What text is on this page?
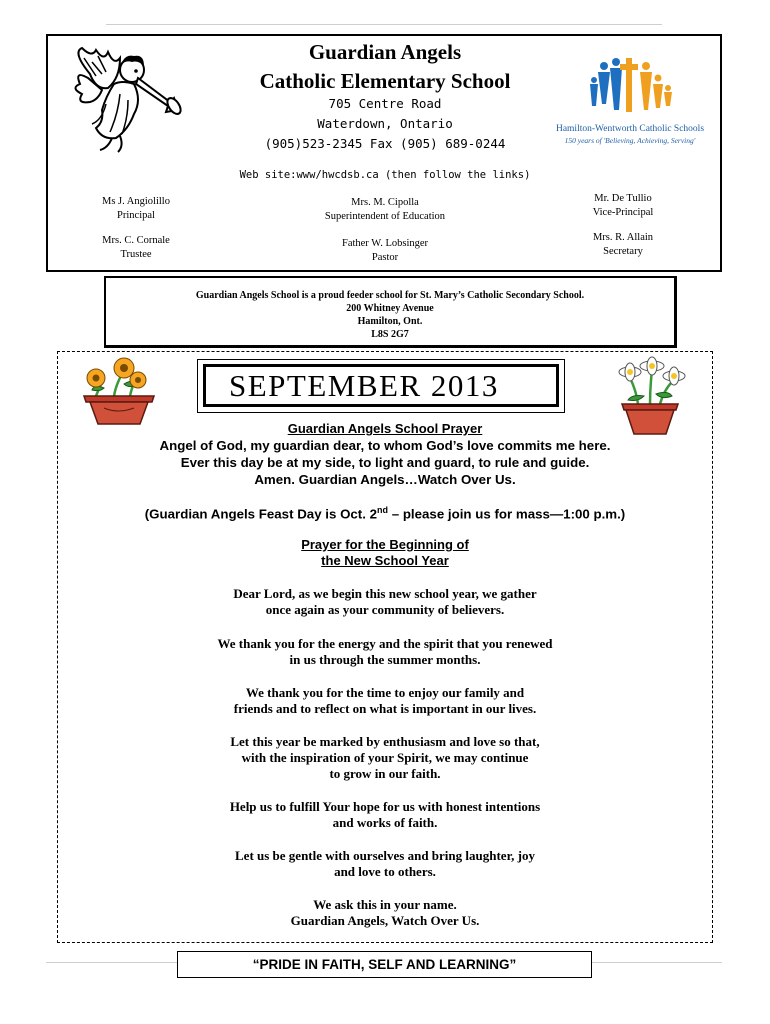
Guardian Angels
Catholic Elementary School
705 Centre Road
Waterdown, Ontario
(905)523-2345 Fax (905) 689-0244
Web site:www/hwcdsb.ca (then follow the links)
Hamilton-Wentworth Catholic Schools
150 years of 'Believing, Achieving, Serving'
Ms J. Angiolillo
Principal
Mrs. M. Cipolla
Superintendent of Education
Mr. De Tullio
Vice-Principal
Mrs. C. Cornale
Trustee
Father W. Lobsinger
Pastor
Mrs. R. Allain
Secretary
Guardian Angels School is a proud feeder school for St. Mary’s Catholic Secondary School.
200 Whitney Avenue
Hamilton, Ont.
L8S 2G7
SEPTEMBER 2013
Guardian Angels School Prayer
Angel of God, my guardian dear, to whom God’s love commits me here.
Ever this day be at my side, to light and guard, to rule and guide.
Amen. Guardian Angels…Watch Over Us.
(Guardian Angels Feast Day is Oct. 2nd – please join us for mass—1:00 p.m.)
Prayer for the Beginning of
the New School Year
Dear Lord, as we begin this new school year, we gather
once again as your community of believers.
We thank you for the energy and the spirit that you renewed
in us through the summer months.
We thank you for the time to enjoy our family and
friends and to reflect on what is important in our lives.
Let this year be marked by enthusiasm and love so that,
with the inspiration of your Spirit, we may continue
to grow in our faith.
Help us to fulfill Your hope for us with honest intentions
and works of faith.
Let us be gentle with ourselves and bring laughter, joy
and love to others.
We ask this in your name.
Guardian Angels, Watch Over Us.
“PRIDE IN FAITH, SELF AND LEARNING”
